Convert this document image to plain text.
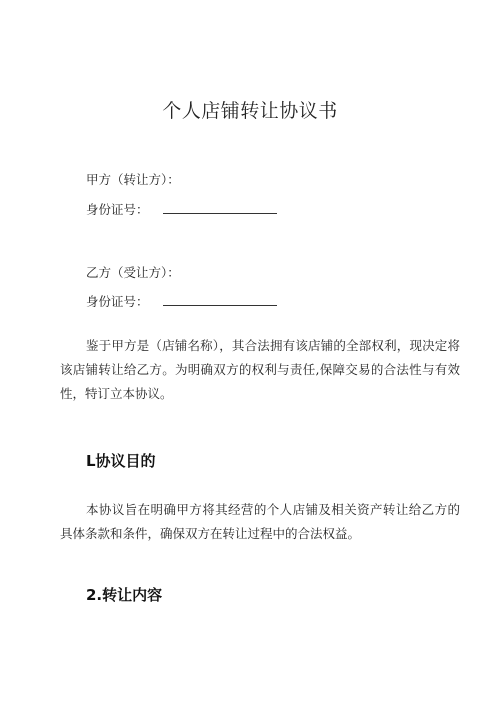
个人店铺转让协议书
甲方（转让方）：
身份证号：
乙方（受让方）：
身份证号：
鉴于甲方是（店铺名称），其合法拥有该店铺的全部权利，现决定将该店铺转让给乙方。为明确双方的权利与责任,保障交易的合法性与有效性，特订立本协议。
L协议目的
本协议旨在明确甲方将其经营的个人店铺及相关资产转让给乙方的具体条款和条件，确保双方在转让过程中的合法权益。
2.转让内容
